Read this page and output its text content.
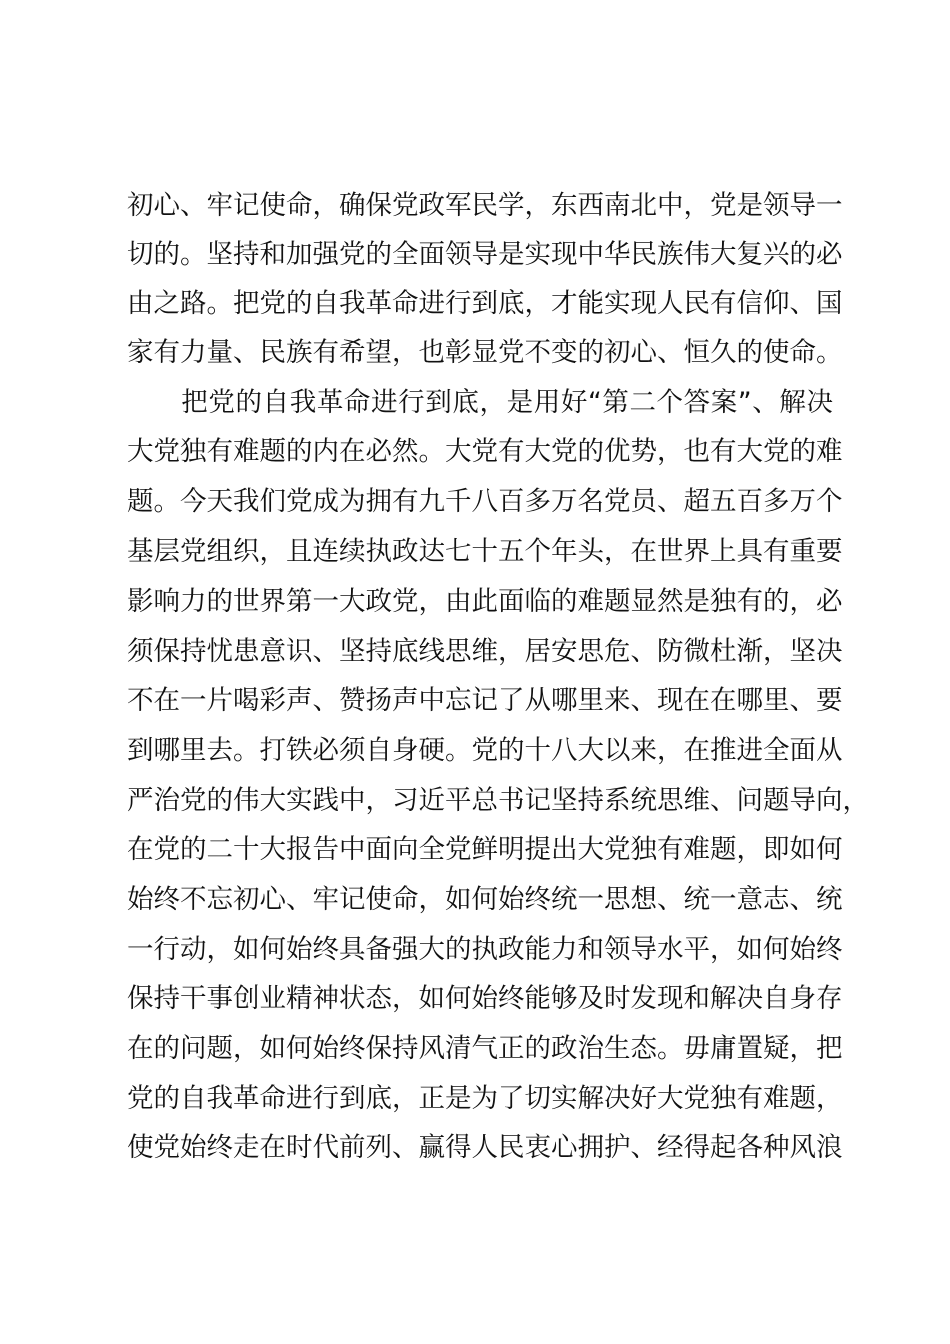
初心、牢记使命，确保党政军民学，东西南北中，党是领导一
切的。坚持和加强党的全面领导是实现中华民族伟大复兴的必
由之路。把党的自我革命进行到底，才能实现人民有信仰、国
家有力量、民族有希望，也彰显党不变的初心、恒久的使命。
　　把党的自我革命进行到底，是用好“第二个答案”、解决
大党独有难题的内在必然。大党有大党的优势，也有大党的难
题。今天我们党成为拥有九千八百多万名党员、超五百多万个
基层党组织，且连续执政达七十五个年头，在世界上具有重要
影响力的世界第一大政党，由此面临的难题显然是独有的，必
须保持忧患意识、坚持底线思维，居安思危、防微杜渐，坚决
不在一片喝彩声、赞扬声中忘记了从哪里来、现在在哪里、要
到哪里去。打铁必须自身硬。党的十八大以来，在推进全面从
严治党的伟大实践中，习近平总书记坚持系统思维、问题导向，
在党的二十大报告中面向全党鲜明提出大党独有难题，即如何
始终不忘初心、牢记使命，如何始终统一思想、统一意志、统
一行动，如何始终具备强大的执政能力和领导水平，如何始终
保持干事创业精神状态，如何始终能够及时发现和解决自身存
在的问题，如何始终保持风清气正的政治生态。毋庸置疑，把
党的自我革命进行到底，正是为了切实解决好大党独有难题，
使党始终走在时代前列、赢得人民衷心拥护、经得起各种风浪
